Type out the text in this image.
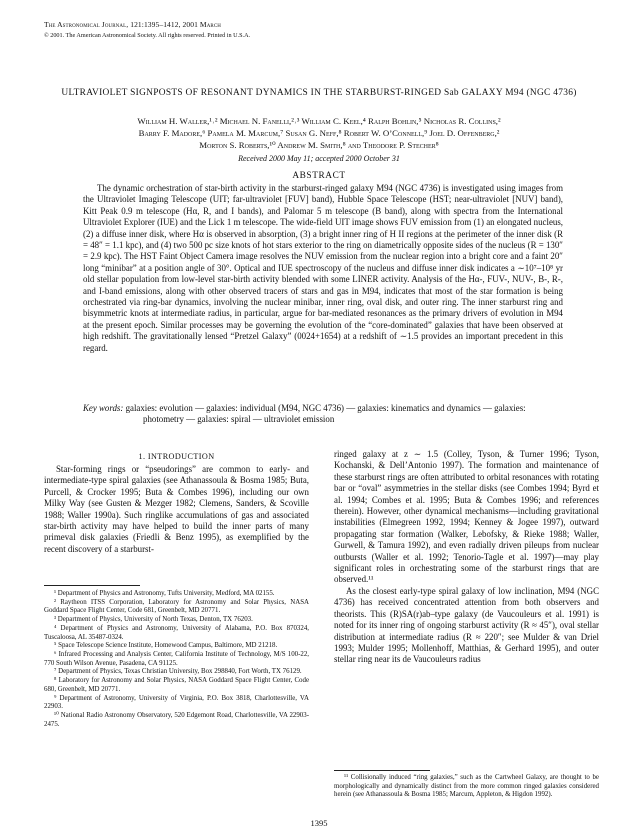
The Astronomical Journal, 121:1395–1412, 2001 March
© 2001. The American Astronomical Society. All rights reserved. Printed in U.S.A.
ULTRAVIOLET SIGNPOSTS OF RESONANT DYNAMICS IN THE STARBURST-RINGED Sab GALAXY M94 (NGC 4736)
William H. Waller,¹˒² Michael N. Fanelli,²˒³ William C. Keel,⁴ Ralph Bohlin,⁵ Nicholas R. Collins,²
Barry F. Madore,⁶ Pamela M. Marcum,⁷ Susan G. Neff,⁸ Robert W. O’Connell,⁹ Joel D. Offenberg,²
Morton S. Roberts,¹⁰ Andrew M. Smith,⁸ and Theodore P. Stecher⁸
Received 2000 May 11; accepted 2000 October 31
ABSTRACT
The dynamic orchestration of star-birth activity in the starburst-ringed galaxy M94 (NGC 4736) is investigated using images from the Ultraviolet Imaging Telescope (UIT; far-ultraviolet [FUV] band), Hubble Space Telescope (HST; near-ultraviolet [NUV] band), Kitt Peak 0.9 m telescope (Hα, R, and I bands), and Palomar 5 m telescope (B band), along with spectra from the International Ultraviolet Explorer (IUE) and the Lick 1 m telescope. The wide-field UIT image shows FUV emission from (1) an elongated nucleus, (2) a diffuse inner disk, where Hα is observed in absorption, (3) a bright inner ring of H II regions at the perimeter of the inner disk (R = 48″ = 1.1 kpc), and (4) two 500 pc size knots of hot stars exterior to the ring on diametrically opposite sides of the nucleus (R = 130″ = 2.9 kpc). The HST Faint Object Camera image resolves the NUV emission from the nuclear region into a bright core and a faint 20″ long “minibar” at a position angle of 30°. Optical and IUE spectroscopy of the nucleus and diffuse inner disk indicates a ∼10⁷–10⁸ yr old stellar population from low-level star-birth activity blended with some LINER activity. Analysis of the Hα-, FUV-, NUV-, B-, R-, and I-band emissions, along with other observed tracers of stars and gas in M94, indicates that most of the star formation is being orchestrated via ring-bar dynamics, involving the nuclear minibar, inner ring, oval disk, and outer ring. The inner starburst ring and bisymmetric knots at intermediate radius, in particular, argue for bar-mediated resonances as the primary drivers of evolution in M94 at the present epoch. Similar processes may be governing the evolution of the “core-dominated” galaxies that have been observed at high redshift. The gravitationally lensed “Pretzel Galaxy” (0024+1654) at a redshift of ∼1.5 provides an important precedent in this regard.
Key words: galaxies: evolution — galaxies: individual (M94, NGC 4736) — galaxies: kinematics and dynamics — galaxies: photometry — galaxies: spiral — ultraviolet emission
1. INTRODUCTION

Star-forming rings or “pseudorings” are common to early- and intermediate-type spiral galaxies (see Athanassoula & Bosma 1985; Buta, Purcell, & Crocker 1995; Buta & Combes 1996), including our own Milky Way (see Gusten & Mezger 1982; Clemens, Sanders, & Scoville 1988; Waller 1990a). Such ringlike accumulations of gas and associated star-birth activity may have helped to build the inner parts of many primeval disk galaxies (Friedli & Benz 1995), as exemplified by the recent discovery of a starburst-

ringed galaxy at z ∼ 1.5 (Colley, Tyson, & Turner 1996; Tyson, Kochanski, & Dell’Antonio 1997). The formation and maintenance of these starburst rings are often attributed to orbital resonances with rotating bar or “oval” asymmetries in the stellar disks (see Combes 1994; Byrd et al. 1994; Combes et al. 1995; Buta & Combes 1996; and references therein). However, other dynamical mechanisms—including gravitational instabilities (Elmegreen 1992, 1994; Kenney & Jogee 1997), outward propagating star formation (Walker, Lebofsky, & Rieke 1988; Waller, Gurwell, & Tamura 1992), and even radially driven pileups from nuclear outbursts (Waller et al. 1992; Tenorio-Tagle et al. 1997)—may play significant roles in orchestrating some of the starburst rings that are observed.¹¹

As the closest early-type spiral galaxy of low inclination, M94 (NGC 4736) has received concentrated attention from both observers and theorists. This (R)SA(r)ab–type galaxy (de Vaucouleurs et al. 1991) is noted for its inner ring of ongoing starburst activity (R ≈ 45″), oval stellar distribution at intermediate radius (R ≈ 220″; see Mulder & van Driel 1993; Mulder 1995; Mollenhoff, Matthias, & Gerhard 1995), and outer stellar ring near its de Vaucouleurs radius

¹ Department of Physics and Astronomy, Tufts University, Medford, MA 02155.

² Raytheon ITSS Corporation, Laboratory for Astronomy and Solar Physics, NASA Goddard Space Flight Center, Code 681, Greenbelt, MD 20771.

³ Department of Physics, University of North Texas, Denton, TX 76203.

⁴ Department of Physics and Astronomy, University of Alabama, P.O. Box 870324, Tuscaloosa, AL 35487-0324.

⁵ Space Telescope Science Institute, Homewood Campus, Baltimore, MD 21218.

⁶ Infrared Processing and Analysis Center, California Institute of Technology, M/S 100-22, 770 South Wilson Avenue, Pasadena, CA 91125.

⁷ Department of Physics, Texas Christian University, Box 298840, Fort Worth, TX 76129.

⁸ Laboratory for Astronomy and Solar Physics, NASA Goddard Space Flight Center, Code 680, Greenbelt, MD 20771.

⁹ Department of Astronomy, University of Virginia, P.O. Box 3818, Charlottesville, VA 22903.

¹⁰ National Radio Astronomy Observatory, 520 Edgemont Road, Charlottesville, VA 22903-2475.

¹¹ Collisionally induced “ring galaxies,” such as the Cartwheel Galaxy, are thought to be morphologically and dynamically distinct from the more common ringed galaxies considered herein (see Athanassoula & Bosma 1985; Marcum, Appleton, & Higdon 1992).

1395
